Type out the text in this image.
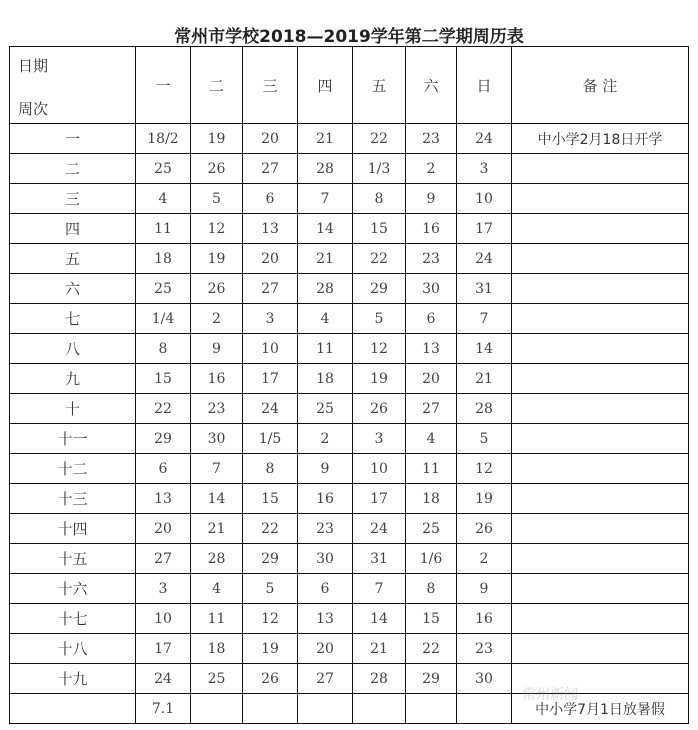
常州市学校2018—2019学年第二学期周历表
日期
周次	一	二	三	四	五	六	日	备 注
一	18/2	19	20	21	22	23	24	中小学2月18日开学
二	25	26	27	28	1/3	2	3	
三	4	5	6	7	8	9	10	
四	11	12	13	14	15	16	17	
五	18	19	20	21	22	23	24	
六	25	26	27	28	29	30	31	
七	1/4	2	3	4	5	6	7	
八	8	9	10	11	12	13	14	
九	15	16	17	18	19	20	21	
十	22	23	24	25	26	27	28	
十一	29	30	1/5	2	3	4	5	
十二	6	7	8	9	10	11	12	
十三	13	14	15	16	17	18	19	
十四	20	21	22	23	24	25	26	
十五	27	28	29	30	31	1/6	2	
十六	3	4	5	6	7	8	9	
十七	10	11	12	13	14	15	16	
十八	17	18	19	20	21	22	23	
十九	24	25	26	27	28	29	30	
	7.1							中小学7月1日放暑假
常州新闻
